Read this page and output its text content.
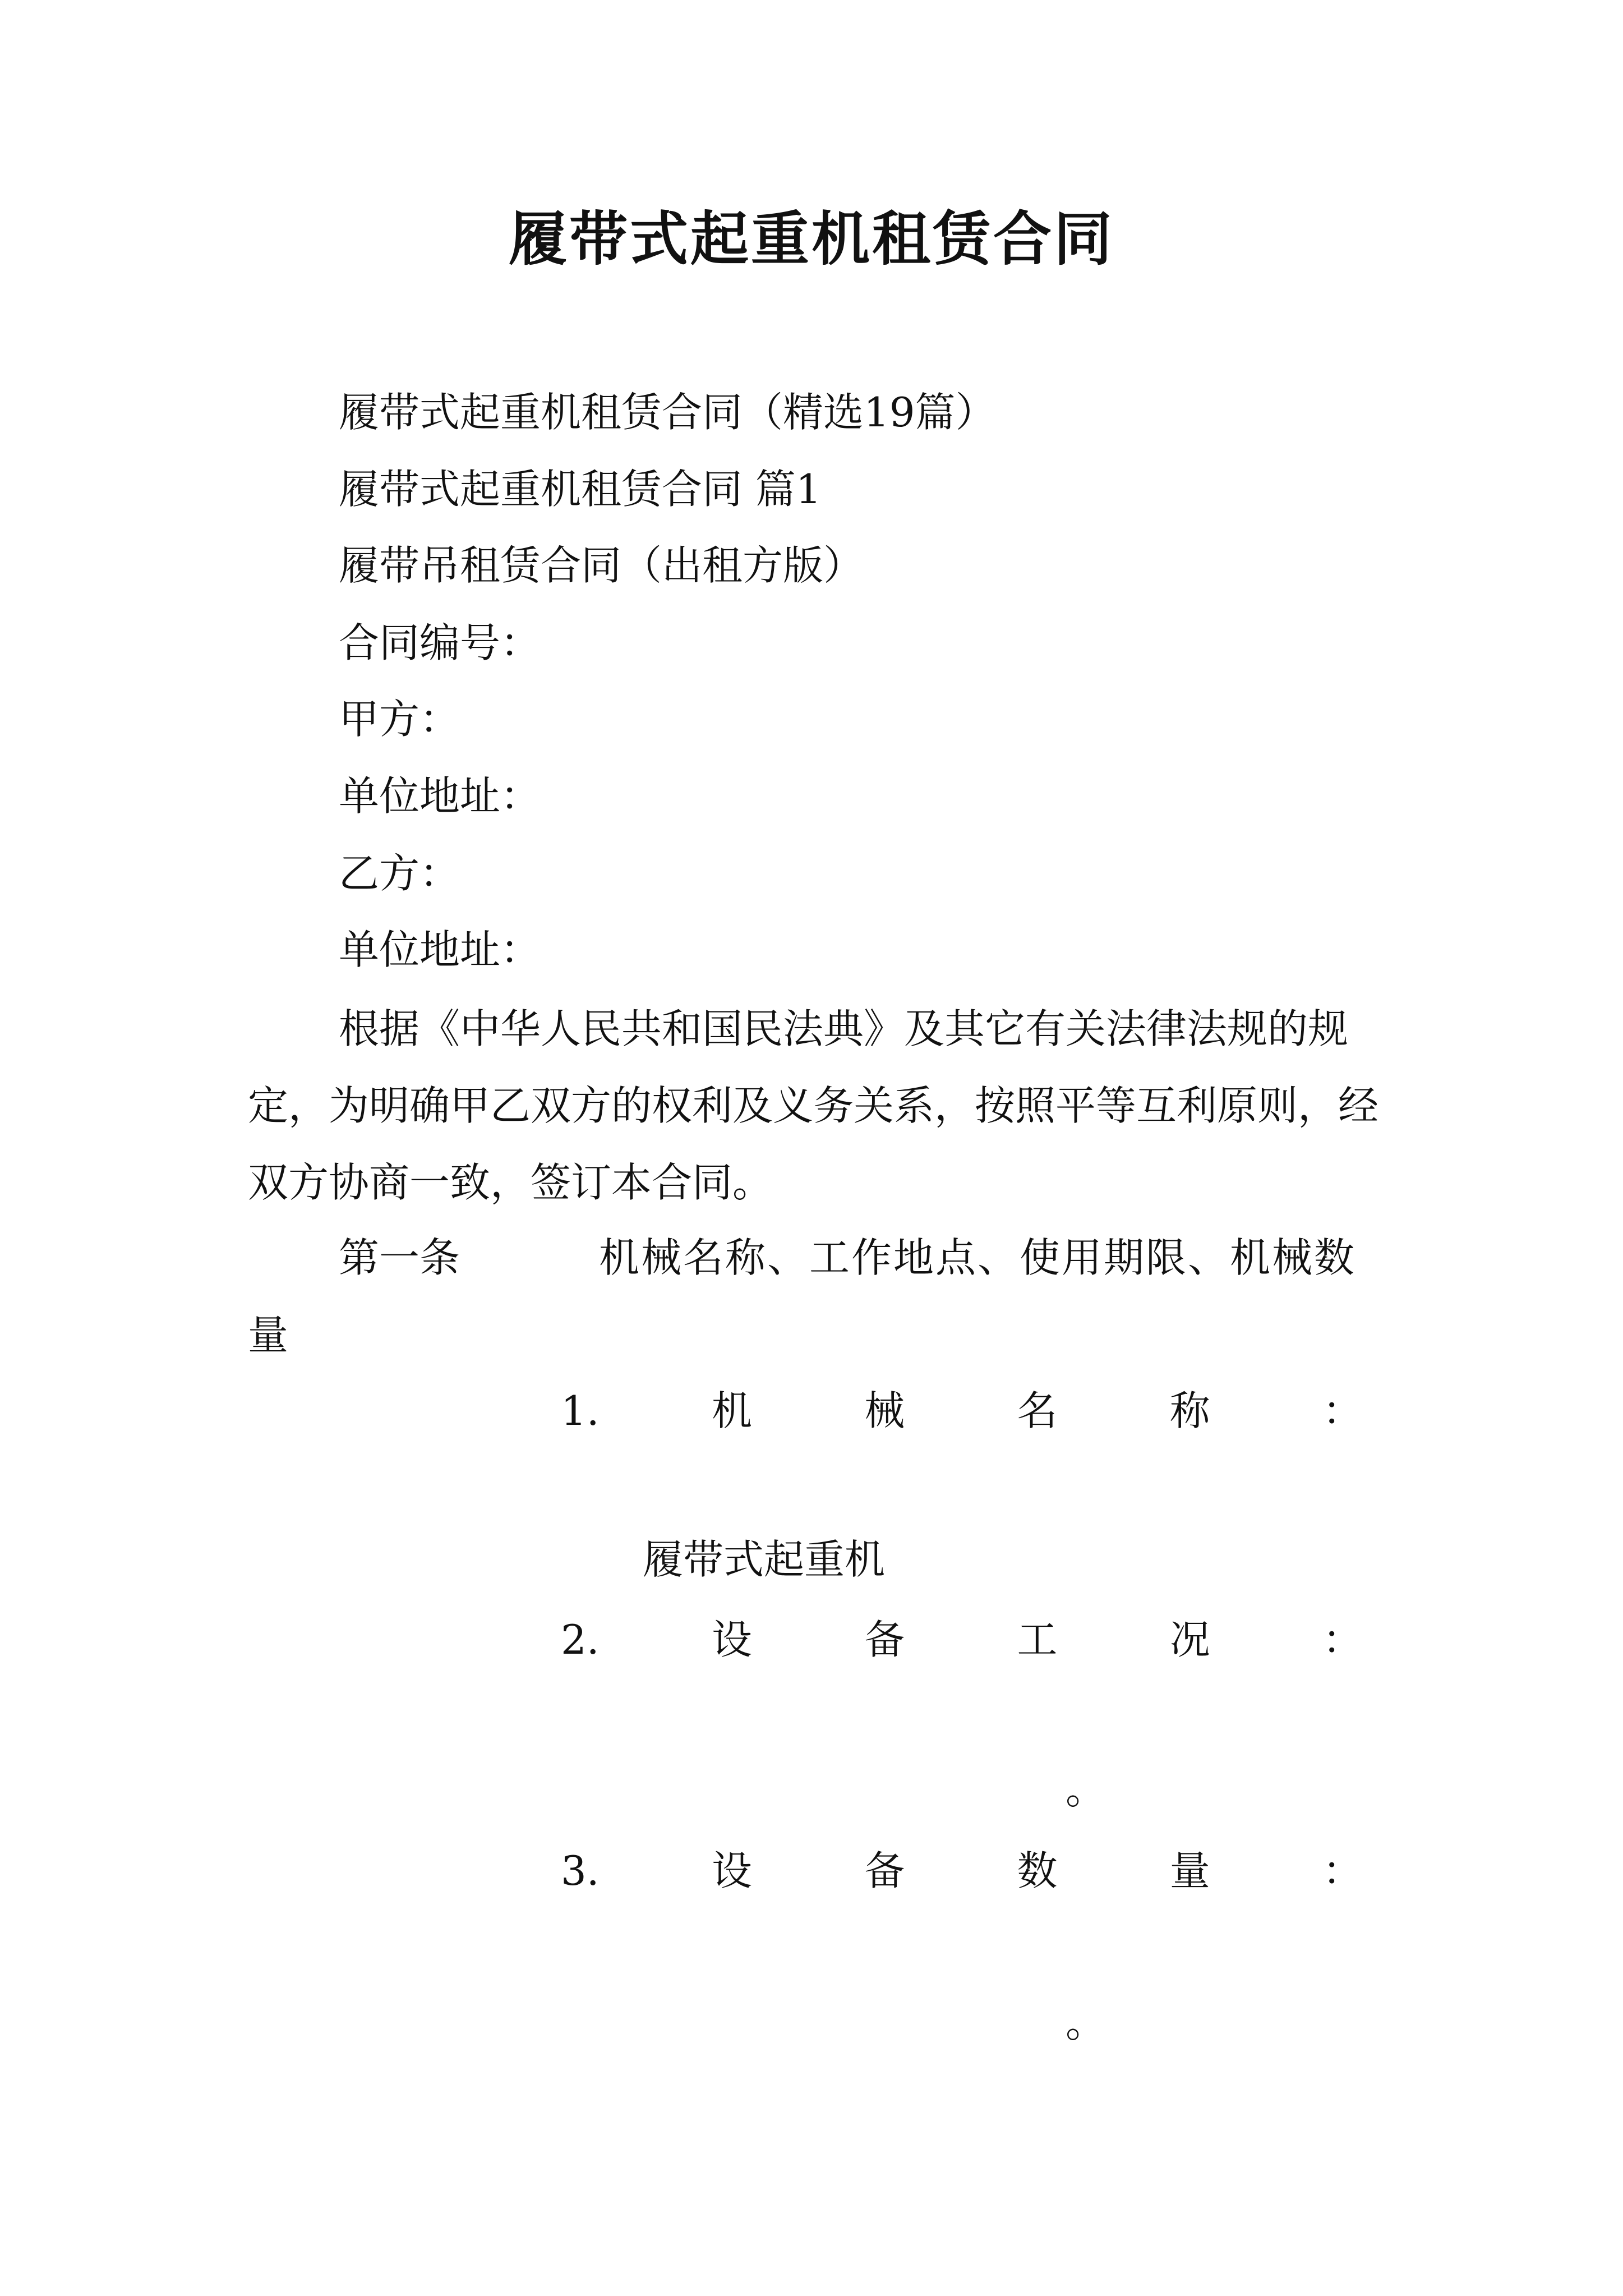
履带式起重机租赁合同
履带式起重机租赁合同（精选19篇）
履带式起重机租赁合同 篇1
履带吊租赁合同（出租方版）
合同编号：
甲方：
单位地址：
乙方：
单位地址：
根据《中华人民共和国民法典》及其它有关法律法规的规定，为明确甲乙双方的权利及义务关系，按照平等互利原则，经双方协商一致，签订本合同。
第一条	机械名称、工作地点、使用期限、机械数
量
1.	机	械	名	称	：
履带式起重机
2.	设	备	工	况	：
。
3.	设	备	数	量	：
。
